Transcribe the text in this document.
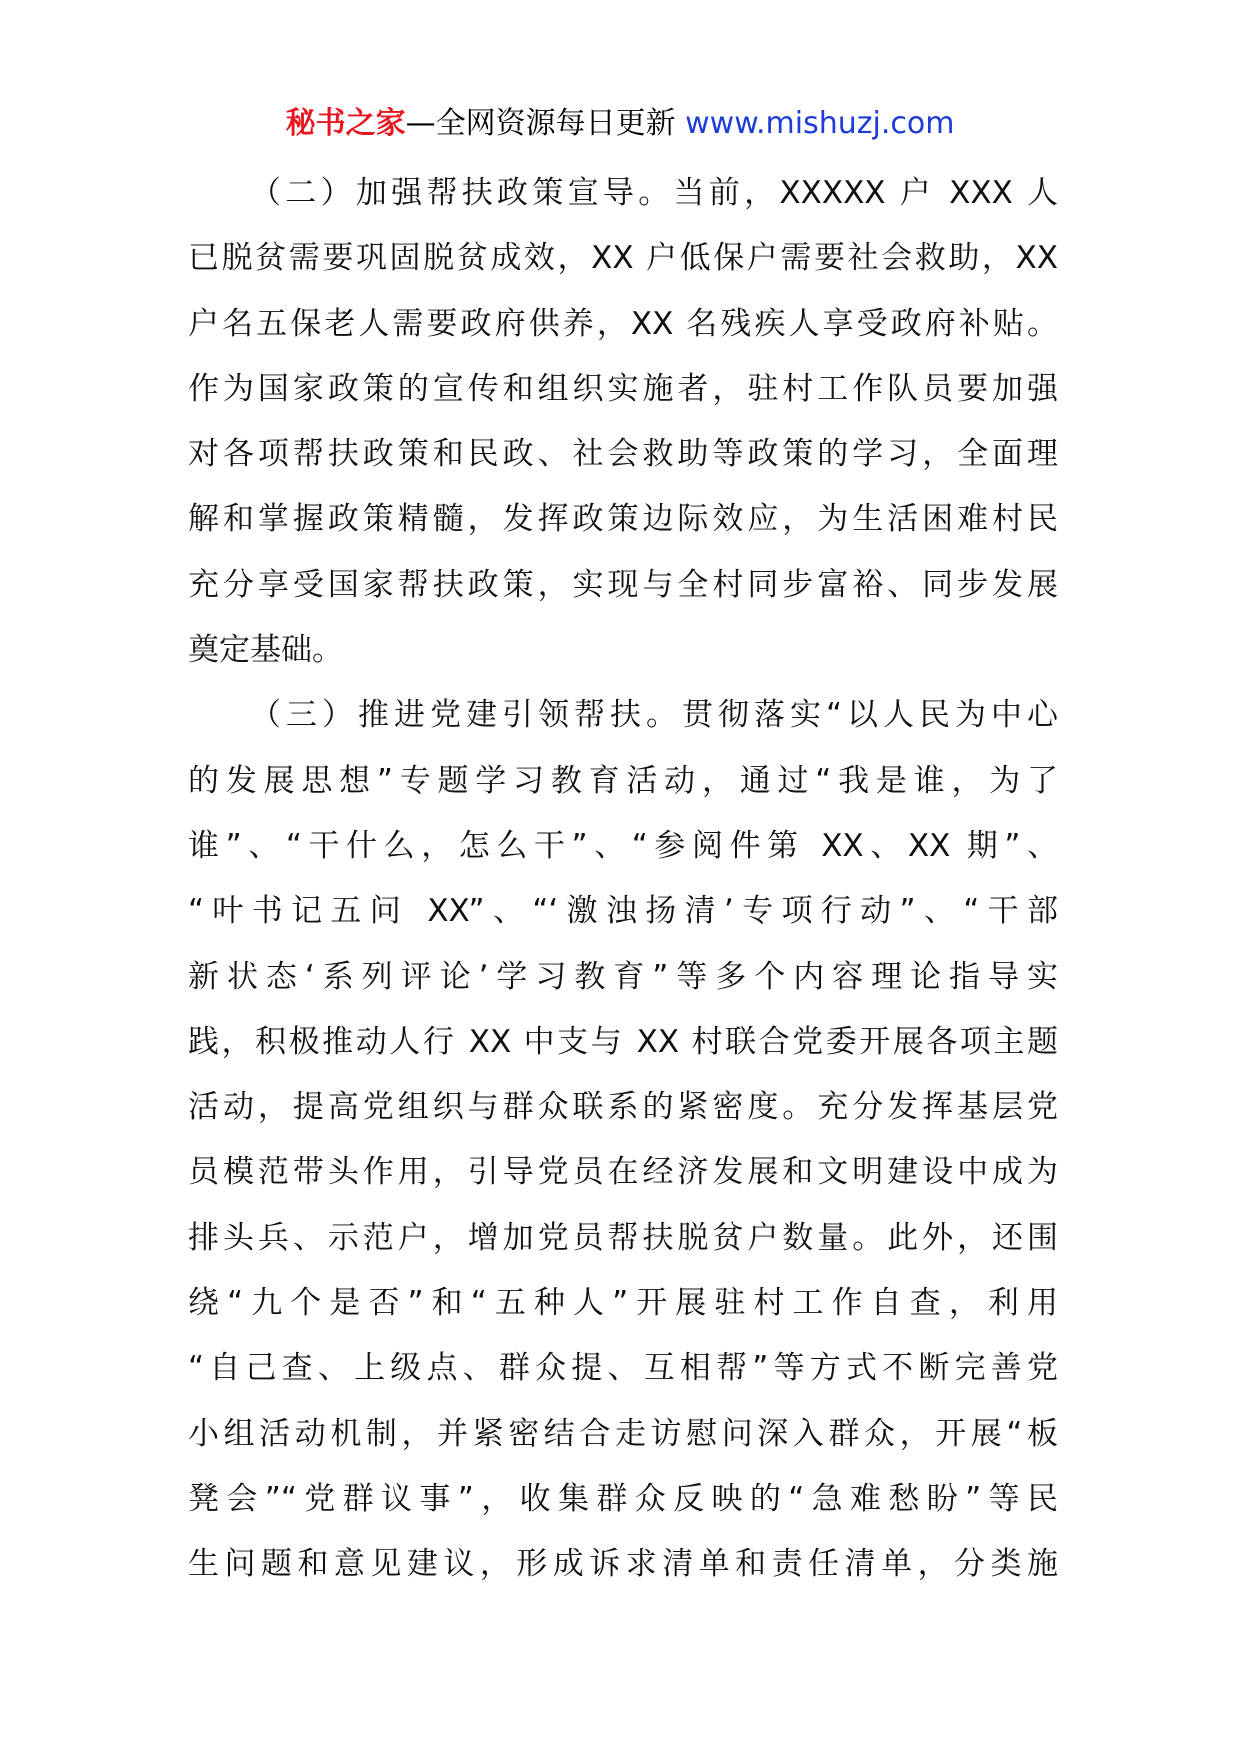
秘书之家—全网资源每日更新 www.mishuzj.com
（二）加强帮扶政策宣导。当前，XXXXX 户 XXX 人
已脱贫需要巩固脱贫成效，XX 户低保户需要社会救助，XX
户名五保老人需要政府供养，XX 名残疾人享受政府补贴。
作为国家政策的宣传和组织实施者，驻村工作队员要加强
对各项帮扶政策和民政、社会救助等政策的学习，全面理
解和掌握政策精髓，发挥政策边际效应，为生活困难村民
充分享受国家帮扶政策，实现与全村同步富裕、同步发展
奠定基础。
（三）推进党建引领帮扶。贯彻落实“以人民为中心
的发展思想”专题学习教育活动，通过“我是谁，为了
谁”、“干什么，怎么干”、“参阅件第 XX、XX 期”、
“叶书记五问 XX”、“‘激浊扬清’专项行动”、“干部
新状态‘系列评论’学习教育”等多个内容理论指导实
践，积极推动人行 XX 中支与 XX 村联合党委开展各项主题
活动，提高党组织与群众联系的紧密度。充分发挥基层党
员模范带头作用，引导党员在经济发展和文明建设中成为
排头兵、示范户，增加党员帮扶脱贫户数量。此外，还围
绕“九个是否”和“五种人”开展驻村工作自查，利用
“自己查、上级点、群众提、互相帮”等方式不断完善党
小组活动机制，并紧密结合走访慰问深入群众，开展“板
凳会”“党群议事”，收集群众反映的“急难愁盼”等民
生问题和意见建议，形成诉求清单和责任清单，分类施
